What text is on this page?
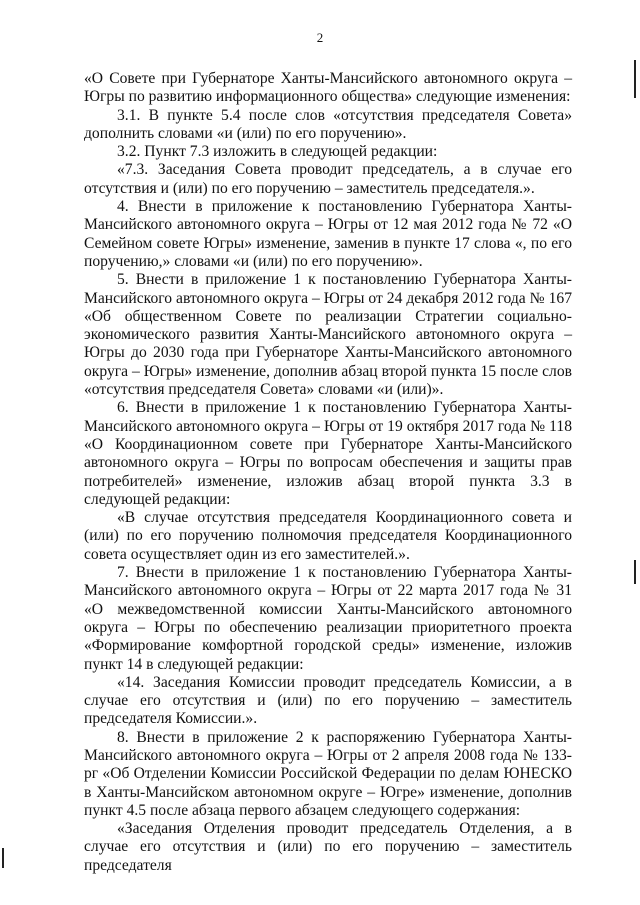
2

«О Совете при Губернаторе Ханты-Мансийского автономного округа – Югры по развитию информационного общества» следующие изменения:

3.1. В пункте 5.4 после слов «отсутствия председателя Совета» дополнить словами «и (или) по его поручению».

3.2. Пункт 7.3 изложить в следующей редакции:

«7.3. Заседания Совета проводит председатель, а в случае его отсутствия и (или) по его поручению – заместитель председателя.».

4. Внести в приложение к постановлению Губернатора Ханты-Мансийского автономного округа – Югры от 12 мая 2012 года № 72 «О Семейном совете Югры» изменение, заменив в пункте 17 слова «, по его поручению,» словами «и (или) по его поручению».

5. Внести в приложение 1 к постановлению Губернатора Ханты-Мансийского автономного округа – Югры от 24 декабря 2012 года № 167 «Об общественном Совете по реализации Стратегии социально-экономического развития Ханты-Мансийского автономного округа – Югры до 2030 года при Губернаторе Ханты-Мансийского автономного округа – Югры» изменение, дополнив абзац второй пункта 15 после слов «отсутствия председателя Совета» словами «и (или)».

6. Внести в приложение 1 к постановлению Губернатора Ханты-Мансийского автономного округа – Югры от 19 октября 2017 года № 118 «О Координационном совете при Губернаторе Ханты-Мансийского автономного округа – Югры по вопросам обеспечения и защиты прав потребителей» изменение, изложив абзац второй пункта 3.3 в следующей редакции:

«В случае отсутствия председателя Координационного совета и (или) по его поручению полномочия председателя Координационного совета осуществляет один из его заместителей.».

7. Внести в приложение 1 к постановлению Губернатора Ханты-Мансийского автономного округа – Югры от 22 марта 2017 года № 31 «О межведомственной комиссии Ханты-Мансийского автономного округа – Югры по обеспечению реализации приоритетного проекта «Формирование комфортной городской среды» изменение, изложив пункт 14 в следующей редакции:

«14. Заседания Комиссии проводит председатель Комиссии, а в случае его отсутствия и (или) по его поручению – заместитель председателя Комиссии.».

8. Внести в приложение 2 к распоряжению Губернатора Ханты-Мансийского автономного округа – Югры от 2 апреля 2008 года № 133-рг «Об Отделении Комиссии Российской Федерации по делам ЮНЕСКО в Ханты-Мансийском автономном округе – Югре» изменение, дополнив пункт 4.5 после абзаца первого абзацем следующего содержания:

«Заседания Отделения проводит председатель Отделения, а в случае его отсутствия и (или) по его поручению – заместитель председателя
